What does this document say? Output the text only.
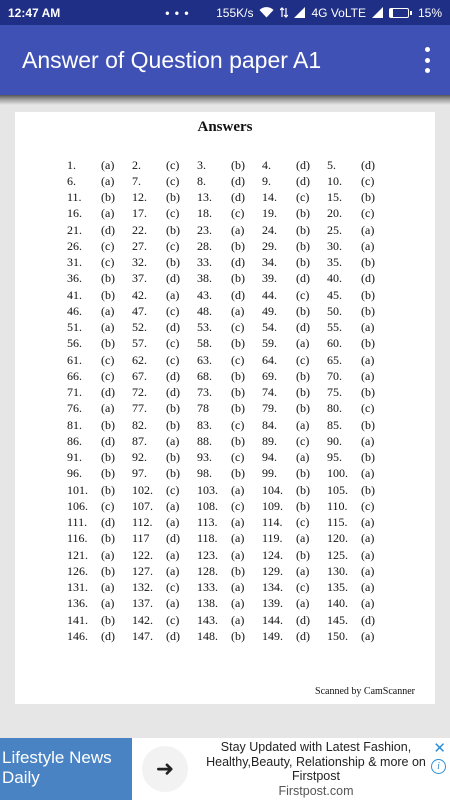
12:47 AM	• • • 155K/s	4G VoLTE	15%
Answer of Question paper A1
Answers
1.	(a)	2.	(c)	3.	(b)	4.	(d)	5.	(d)
6.	(a)	7.	(c)	8.	(d)	9.	(d)	10.	(c)
11.	(b)	12.	(b)	13.	(d)	14.	(c)	15.	(b)
16.	(a)	17.	(c)	18.	(c)	19.	(b)	20.	(c)
21.	(d)	22.	(b)	23.	(a)	24.	(b)	25.	(a)
26.	(c)	27.	(c)	28.	(b)	29.	(b)	30.	(a)
31.	(c)	32.	(b)	33.	(d)	34.	(b)	35.	(b)
36.	(b)	37.	(d)	38.	(b)	39.	(d)	40.	(d)
41.	(b)	42.	(a)	43.	(d)	44.	(c)	45.	(b)
46.	(a)	47.	(c)	48.	(a)	49.	(b)	50.	(b)
51.	(a)	52.	(d)	53.	(c)	54.	(d)	55.	(a)
56.	(b)	57.	(c)	58.	(b)	59.	(a)	60.	(b)
61.	(c)	62.	(c)	63.	(c)	64.	(c)	65.	(a)
66.	(c)	67.	(d)	68.	(b)	69.	(b)	70.	(a)
71.	(d)	72.	(d)	73.	(b)	74.	(b)	75.	(b)
76.	(a)	77.	(b)	78	(b)	79.	(b)	80.	(c)
81.	(b)	82.	(b)	83.	(c)	84.	(a)	85.	(b)
86.	(d)	87.	(a)	88.	(b)	89.	(c)	90.	(a)
91.	(b)	92.	(b)	93.	(c)	94.	(a)	95.	(b)
96.	(b)	97.	(b)	98.	(b)	99.	(b)	100.	(a)
101.	(b)	102.	(c)	103.	(a)	104.	(b)	105.	(b)
106.	(c)	107.	(a)	108.	(c)	109.	(b)	110.	(c)
111.	(d)	112.	(a)	113.	(a)	114.	(c)	115.	(a)
116.	(b)	117	(d)	118.	(a)	119.	(a)	120.	(a)
121.	(a)	122.	(a)	123.	(a)	124.	(b)	125.	(a)
126.	(b)	127.	(a)	128.	(b)	129.	(a)	130.	(a)
131.	(a)	132.	(c)	133.	(a)	134.	(c)	135.	(a)
136.	(a)	137.	(a)	138.	(a)	139.	(a)	140.	(a)
141.	(b)	142.	(c)	143.	(a)	144.	(d)	145.	(d)
146.	(d)	147.	(d)	148.	(b)	149.	(d)	150.	(a)
Scanned by CamScanner
Lifestyle News Daily	➜
Stay Updated with Latest Fashion, Healthy,Beauty, Relationship & more on Firstpost
Firstpost.com
✕
i
